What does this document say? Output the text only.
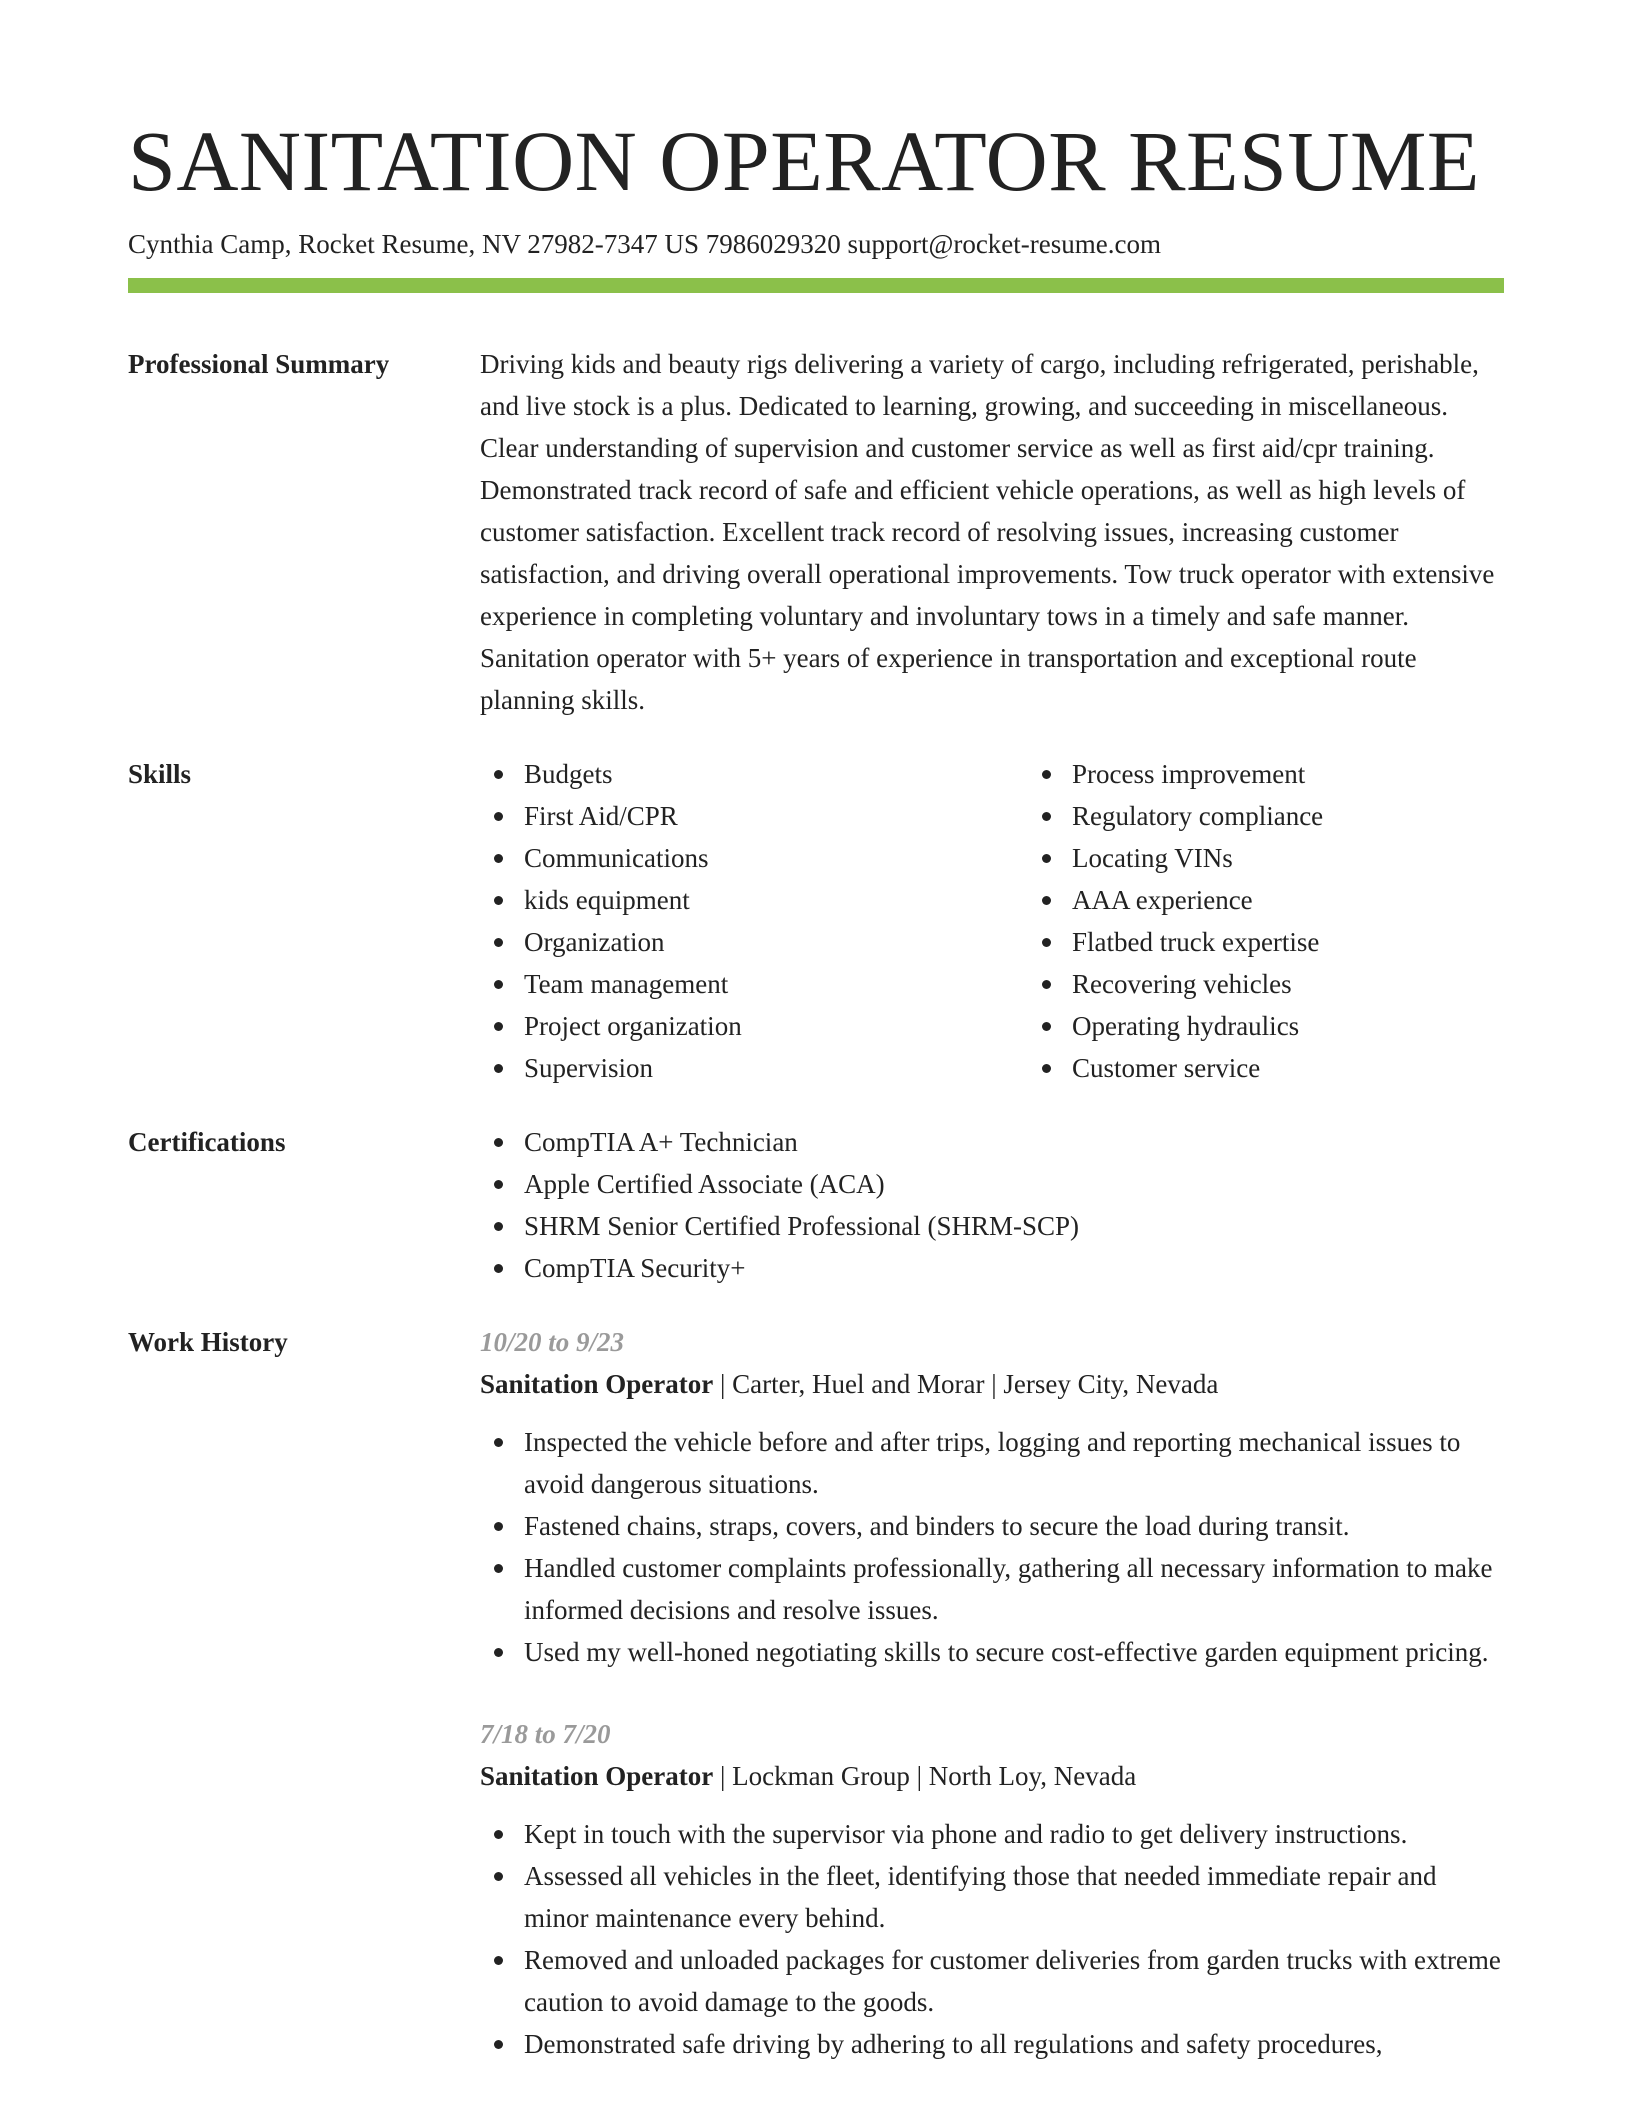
SANITATION OPERATOR RESUME
Cynthia Camp, Rocket Resume, NV 27982-7347 US 7986029320 support@rocket-resume.com
Professional Summary	Driving kids and beauty rigs delivering a variety of cargo, including refrigerated, perishable, and live stock is a plus. Dedicated to learning, growing, and succeeding in miscellaneous. Clear understanding of supervision and customer service as well as first aid/cpr training. Demonstrated track record of safe and efficient vehicle operations, as well as high levels of customer satisfaction. Excellent track record of resolving issues, increasing customer satisfaction, and driving overall operational improvements. Tow truck operator with extensive experience in completing voluntary and involuntary tows in a timely and safe manner. Sanitation operator with 5+ years of experience in transportation and exceptional route planning skills.

Skills	Budgets
First Aid/CPR
Communications
kids equipment
Organization
Team management
Project organization
Supervision
Process improvement
Regulatory compliance
Locating VINs
AAA experience
Flatbed truck expertise
Recovering vehicles
Operating hydraulics
Customer service
Certifications	CompTIA A+ Technician
Apple Certified Associate (ACA)
SHRM Senior Certified Professional (SHRM-SCP)
CompTIA Security+
Work History	10/20 to 9/23
Sanitation Operator | Carter, Huel and Morar | Jersey City, Nevada
Inspected the vehicle before and after trips, logging and reporting mechanical issues to avoid dangerous situations.
Fastened chains, straps, covers, and binders to secure the load during transit.
Handled customer complaints professionally, gathering all necessary information to make informed decisions and resolve issues.
Used my well-honed negotiating skills to secure cost-effective garden equipment pricing.
7/18 to 7/20
Sanitation Operator | Lockman Group | North Loy, Nevada
Kept in touch with the supervisor via phone and radio to get delivery instructions.
Assessed all vehicles in the fleet, identifying those that needed immediate repair and minor maintenance every behind.
Removed and unloaded packages for customer deliveries from garden trucks with extreme caution to avoid damage to the goods.
Demonstrated safe driving by adhering to all regulations and safety procedures,
